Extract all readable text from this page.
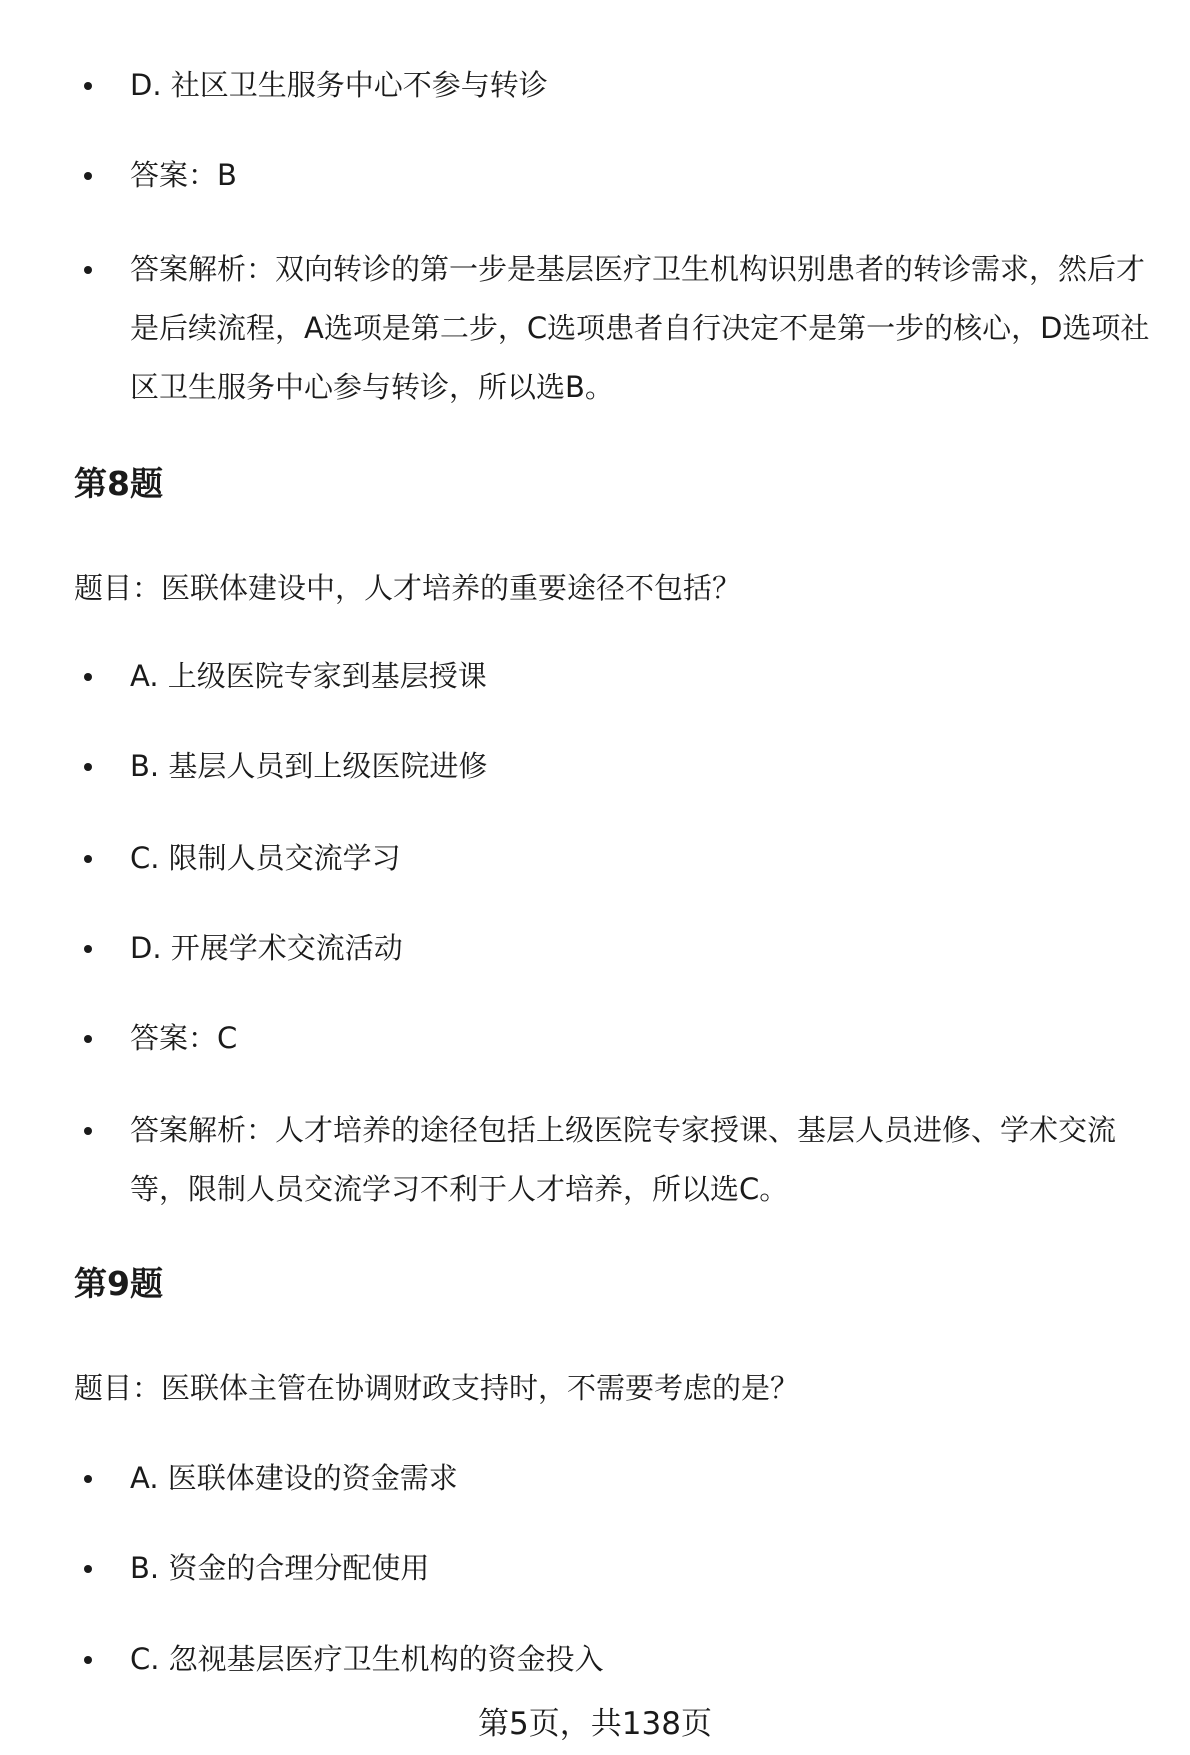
D. 社区卫生服务中心不参与转诊
答案：B
答案解析：双向转诊的第一步是基层医疗卫生机构识别患者的转诊需求，然后才是后续流程，A选项是第二步，C选项患者自行决定不是第一步的核心，D选项社区卫生服务中心参与转诊，所以选B。
第8题
题目：医联体建设中，人才培养的重要途径不包括？
A. 上级医院专家到基层授课
B. 基层人员到上级医院进修
C. 限制人员交流学习
D. 开展学术交流活动
答案：C
答案解析：人才培养的途径包括上级医院专家授课、基层人员进修、学术交流等，限制人员交流学习不利于人才培养，所以选C。
第9题
题目：医联体主管在协调财政支持时，不需要考虑的是？
A. 医联体建设的资金需求
B. 资金的合理分配使用
C. 忽视基层医疗卫生机构的资金投入
第5页，共138页
